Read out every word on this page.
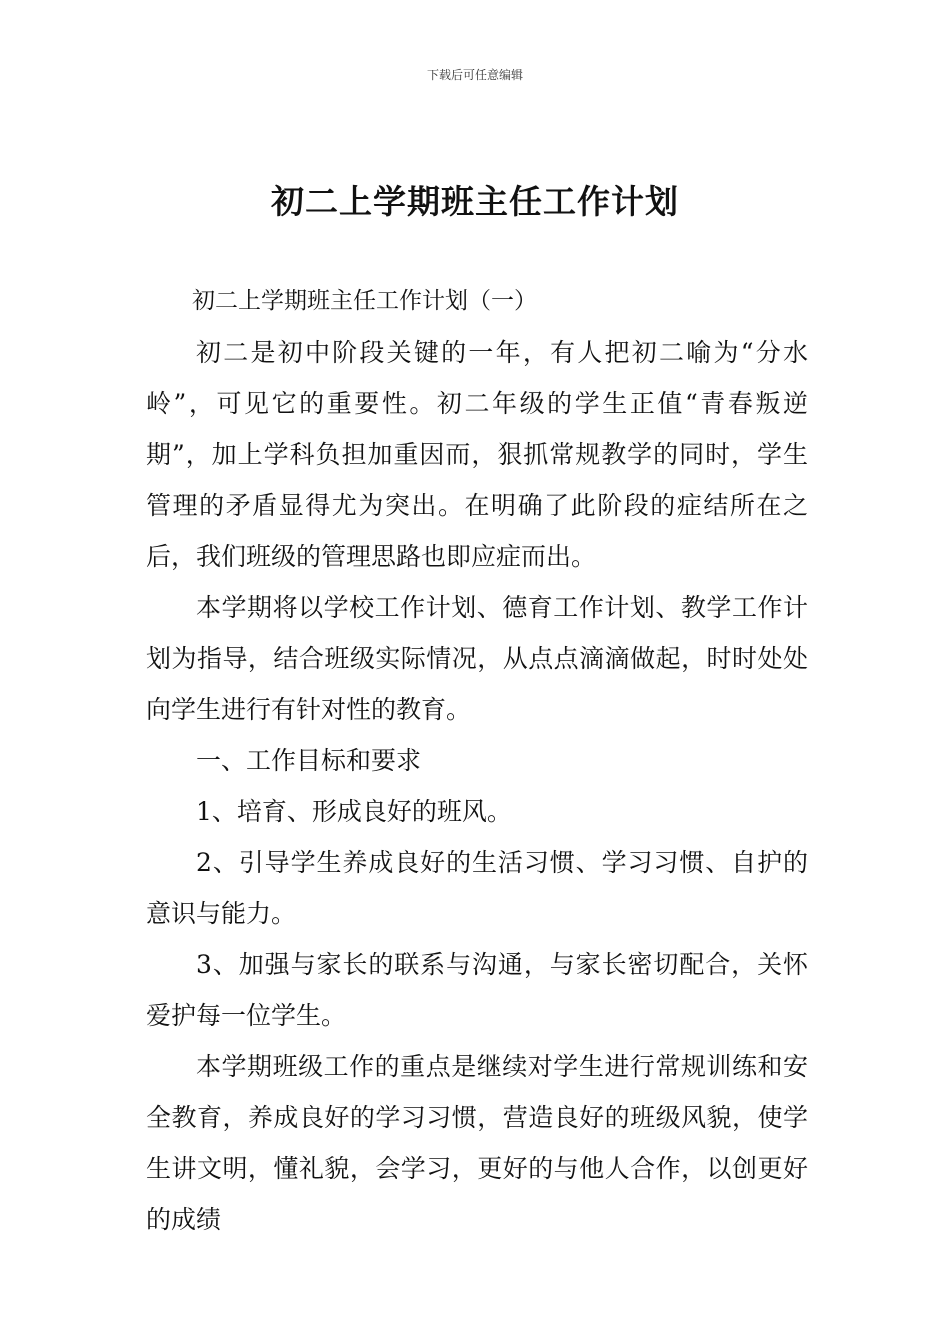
下载后可任意编辑
初二上学期班主任工作计划

初二上学期班主任工作计划（一）

初二是初中阶段关键的一年，有人把初二喻为“分水岭”，可见它的重要性。初二年级的学生正值“青春叛逆期”，加上学科负担加重因而，狠抓常规教学的同时，学生管理的矛盾显得尤为突出。在明确了此阶段的症结所在之后，我们班级的管理思路也即应症而出。

本学期将以学校工作计划、德育工作计划、教学工作计划为指导，结合班级实际情况，从点点滴滴做起，时时处处向学生进行有针对性的教育。

一、工作目标和要求

1、培育、形成良好的班风。

2、引导学生养成良好的生活习惯、学习习惯、自护的意识与能力。

3、加强与家长的联系与沟通，与家长密切配合，关怀爱护每一位学生。

本学期班级工作的重点是继续对学生进行常规训练和安全教育，养成良好的学习习惯，营造良好的班级风貌，使学生讲文明，懂礼貌，会学习，更好的与他人合作，以创更好的成绩
